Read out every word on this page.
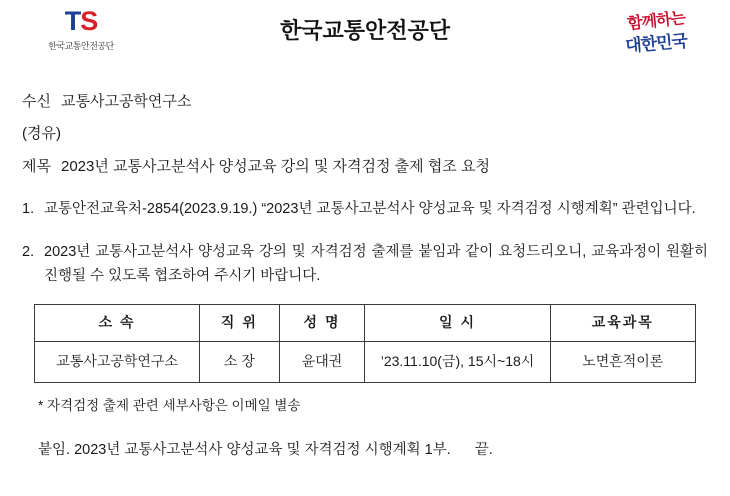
TS
한국교통안전공단
한국교통안전공단	함께하는
대한민국
수신 교통사고공학연구소
(경유)
제목 2023년 교통사고분석사 양성교육 강의 및 자격검정 출제 협조 요청
1. 교통안전교육처-2854(2023.9.19.) “2023년 교통사고분석사 양성교육 및 자격검정 시행계획” 관련입니다.
2. 2023년 교통사고분석사 양성교육 강의 및 자격검정 출제를 붙임과 같이 요청드리오니, 교육과정이 원활히 진행될 수 있도록 협조하여 주시기 바랍니다.
소 속	직 위	성 명	일 시	교육과목
교통사고공학연구소	소 장	윤대권	’23.11.10(금), 15시~18시	노면흔적이론
* 자격검정 출제 관련 세부사항은 이메일 별송
붙임. 2023년 교통사고분석사 양성교육 및 자격검정 시행계획 1부. 끝.
